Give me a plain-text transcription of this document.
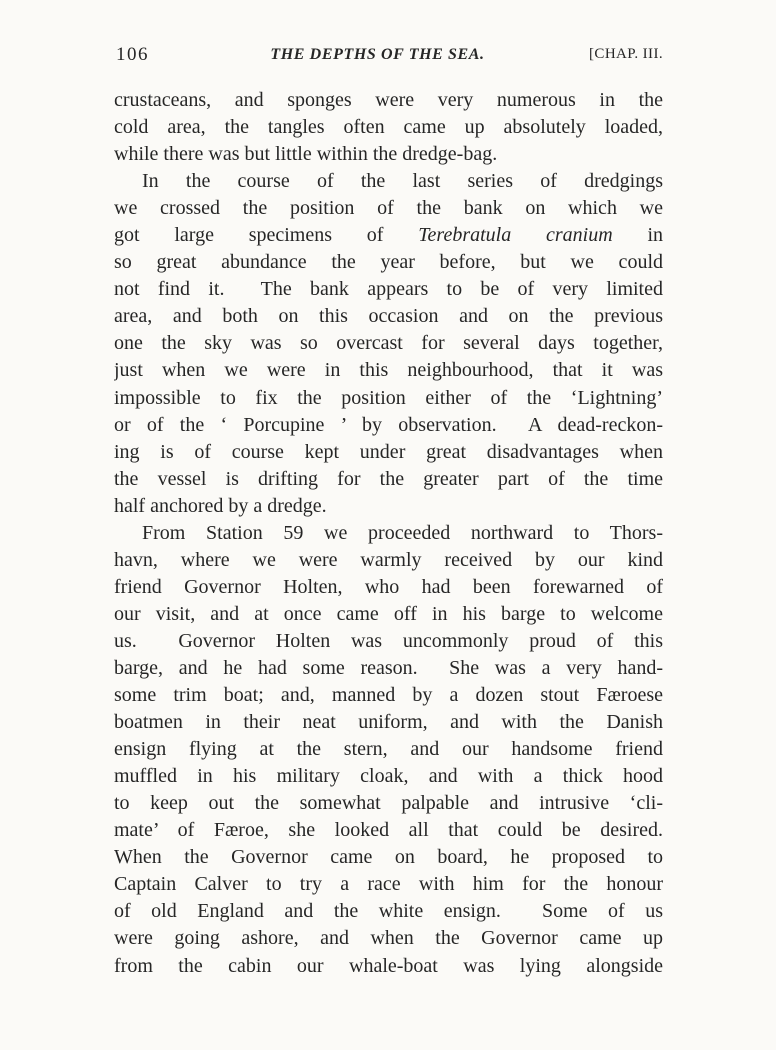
106	THE DEPTHS OF THE SEA.	[CHAP. III.
crustaceans, and sponges were very numerous in the
cold area, the tangles often came up absolutely loaded,
while there was but little within the dredge-bag.
In the course of the last series of dredgings
we crossed the position of the bank on which we
got large specimens of Terebratula cranium in
so great abundance the year before, but we could
not find it.  The bank appears to be of very limited
area, and both on this occasion and on the previous
one the sky was so overcast for several days together,
just when we were in this neighbourhood, that it was
impossible to fix the position either of the ‘Lightning’
or of the ‘ Porcupine ’ by observation.  A dead-reckon-
ing is of course kept under great disadvantages when
the vessel is drifting for the greater part of the time
half anchored by a dredge.
From Station 59 we proceeded northward to Thors-
havn, where we were warmly received by our kind
friend Governor Holten, who had been forewarned of
our visit, and at once came off in his barge to welcome
us.  Governor Holten was uncommonly proud of this
barge, and he had some reason.  She was a very hand-
some trim boat; and, manned by a dozen stout Færoese
boatmen in their neat uniform, and with the Danish
ensign flying at the stern, and our handsome friend
muffled in his military cloak, and with a thick hood
to keep out the somewhat palpable and intrusive ‘cli-
mate’ of Færoe, she looked all that could be desired.
When the Governor came on board, he proposed to
Captain Calver to try a race with him for the honour
of old England and the white ensign.  Some of us
were going ashore, and when the Governor came up
from the cabin our whale-boat was lying alongside
